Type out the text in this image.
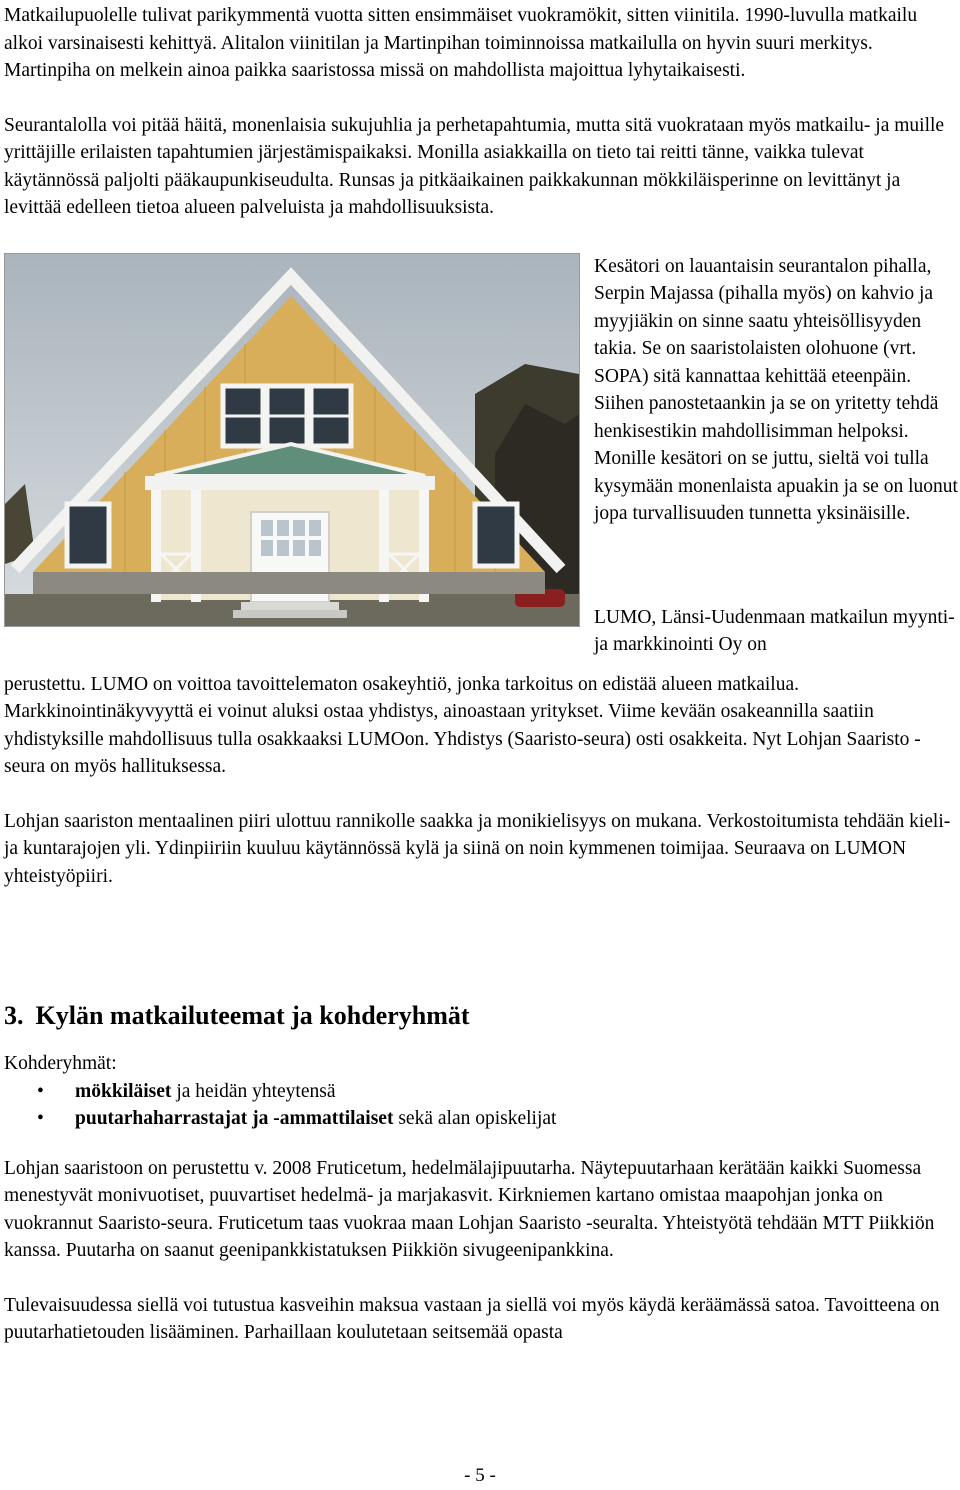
Matkailupuolelle tulivat parikymmentä vuotta sitten ensimmäiset vuokramökit, sitten viinitila. 1990-luvulla matkailu alkoi varsinaisesti kehittyä. Alitalon viinitilan ja Martinpihan toiminnoissa matkailulla on hyvin suuri merkitys. Martinpiha on melkein ainoa paikka saaristossa missä on mahdollista majoittua lyhytaikaisesti.

Seurantalolla voi pitää häitä, monenlaisia sukujuhlia ja perhetapahtumia, mutta sitä vuokrataan myös matkailu- ja muille yrittäjille erilaisten tapahtumien järjestämispaikaksi. Monilla asiakkailla on tieto tai reitti tänne, vaikka tulevat käytännössä paljolti pääkaupunkiseudulta. Runsas ja pitkäaikainen paikkakunnan mökkiläisperinne on levittänyt ja levittää edelleen tietoa alueen palveluista ja mahdollisuuksista.

Kesätori on lauantaisin seurantalon pihalla, Serpin Majassa (pihalla myös) on kahvio ja myyjiäkin on sinne saatu yhteisöllisyyden takia. Se on saaristolaisten olohuone (vrt. SOPA) sitä kannattaa kehittää eteenpäin. Siihen panostetaankin ja se on yritetty tehdä henkisestikin mahdollisimman helpoksi. Monille kesätori on se juttu, sieltä voi tulla kysymään monenlaista apuakin ja se on luonut jopa turvallisuuden tunnetta yksinäisille.

LUMO, Länsi-Uudenmaan matkailun myynti- ja markkinointi Oy on

perustettu. LUMO on voittoa tavoittelematon osakeyhtiö, jonka tarkoitus on edistää alueen matkailua. Markkinointinäkyvyyttä ei voinut aluksi ostaa yhdistys, ainoastaan yritykset. Viime kevään osakeannilla saatiin yhdistyksille mahdollisuus tulla osakkaaksi LUMOon. Yhdistys (Saaristo-seura) osti osakkeita. Nyt Lohjan Saaristo -seura on myös hallituksessa.

Lohjan saariston mentaalinen piiri ulottuu rannikolle saakka ja monikielisyys on mukana. Verkostoitumista tehdään kieli- ja kuntarajojen yli. Ydinpiiriin kuuluu käytännössä kylä ja siinä on noin kymmenen toimijaa. Seuraava on LUMON yhteistyöpiiri.

3. Kylän matkailuteemat ja kohderyhmät

Kohderyhmät:

• mökkiläiset ja heidän yhteytensä
• puutarhaharrastajat ja -ammattilaiset sekä alan opiskelijat

Lohjan saaristoon on perustettu v. 2008 Fruticetum, hedelmälajipuutarha. Näytepuutarhaan kerätään kaikki Suomessa menestyvät monivuotiset, puuvartiset hedelmä- ja marjakasvit. Kirkniemen kartano omistaa maapohjan jonka on vuokrannut Saaristo-seura. Fruticetum taas vuokraa maan Lohjan Saaristo -seuralta. Yhteistyötä tehdään MTT Piikkiön kanssa. Puutarha on saanut geenipankkistatuksen Piikkiön sivugeenipankkina.

Tulevaisuudessa siellä voi tutustua kasveihin maksua vastaan ja siellä voi myös käydä keräämässä satoa. Tavoitteena on puutarhatietouden lisääminen. Parhaillaan koulutetaan seitsemää opasta

- 5 -
